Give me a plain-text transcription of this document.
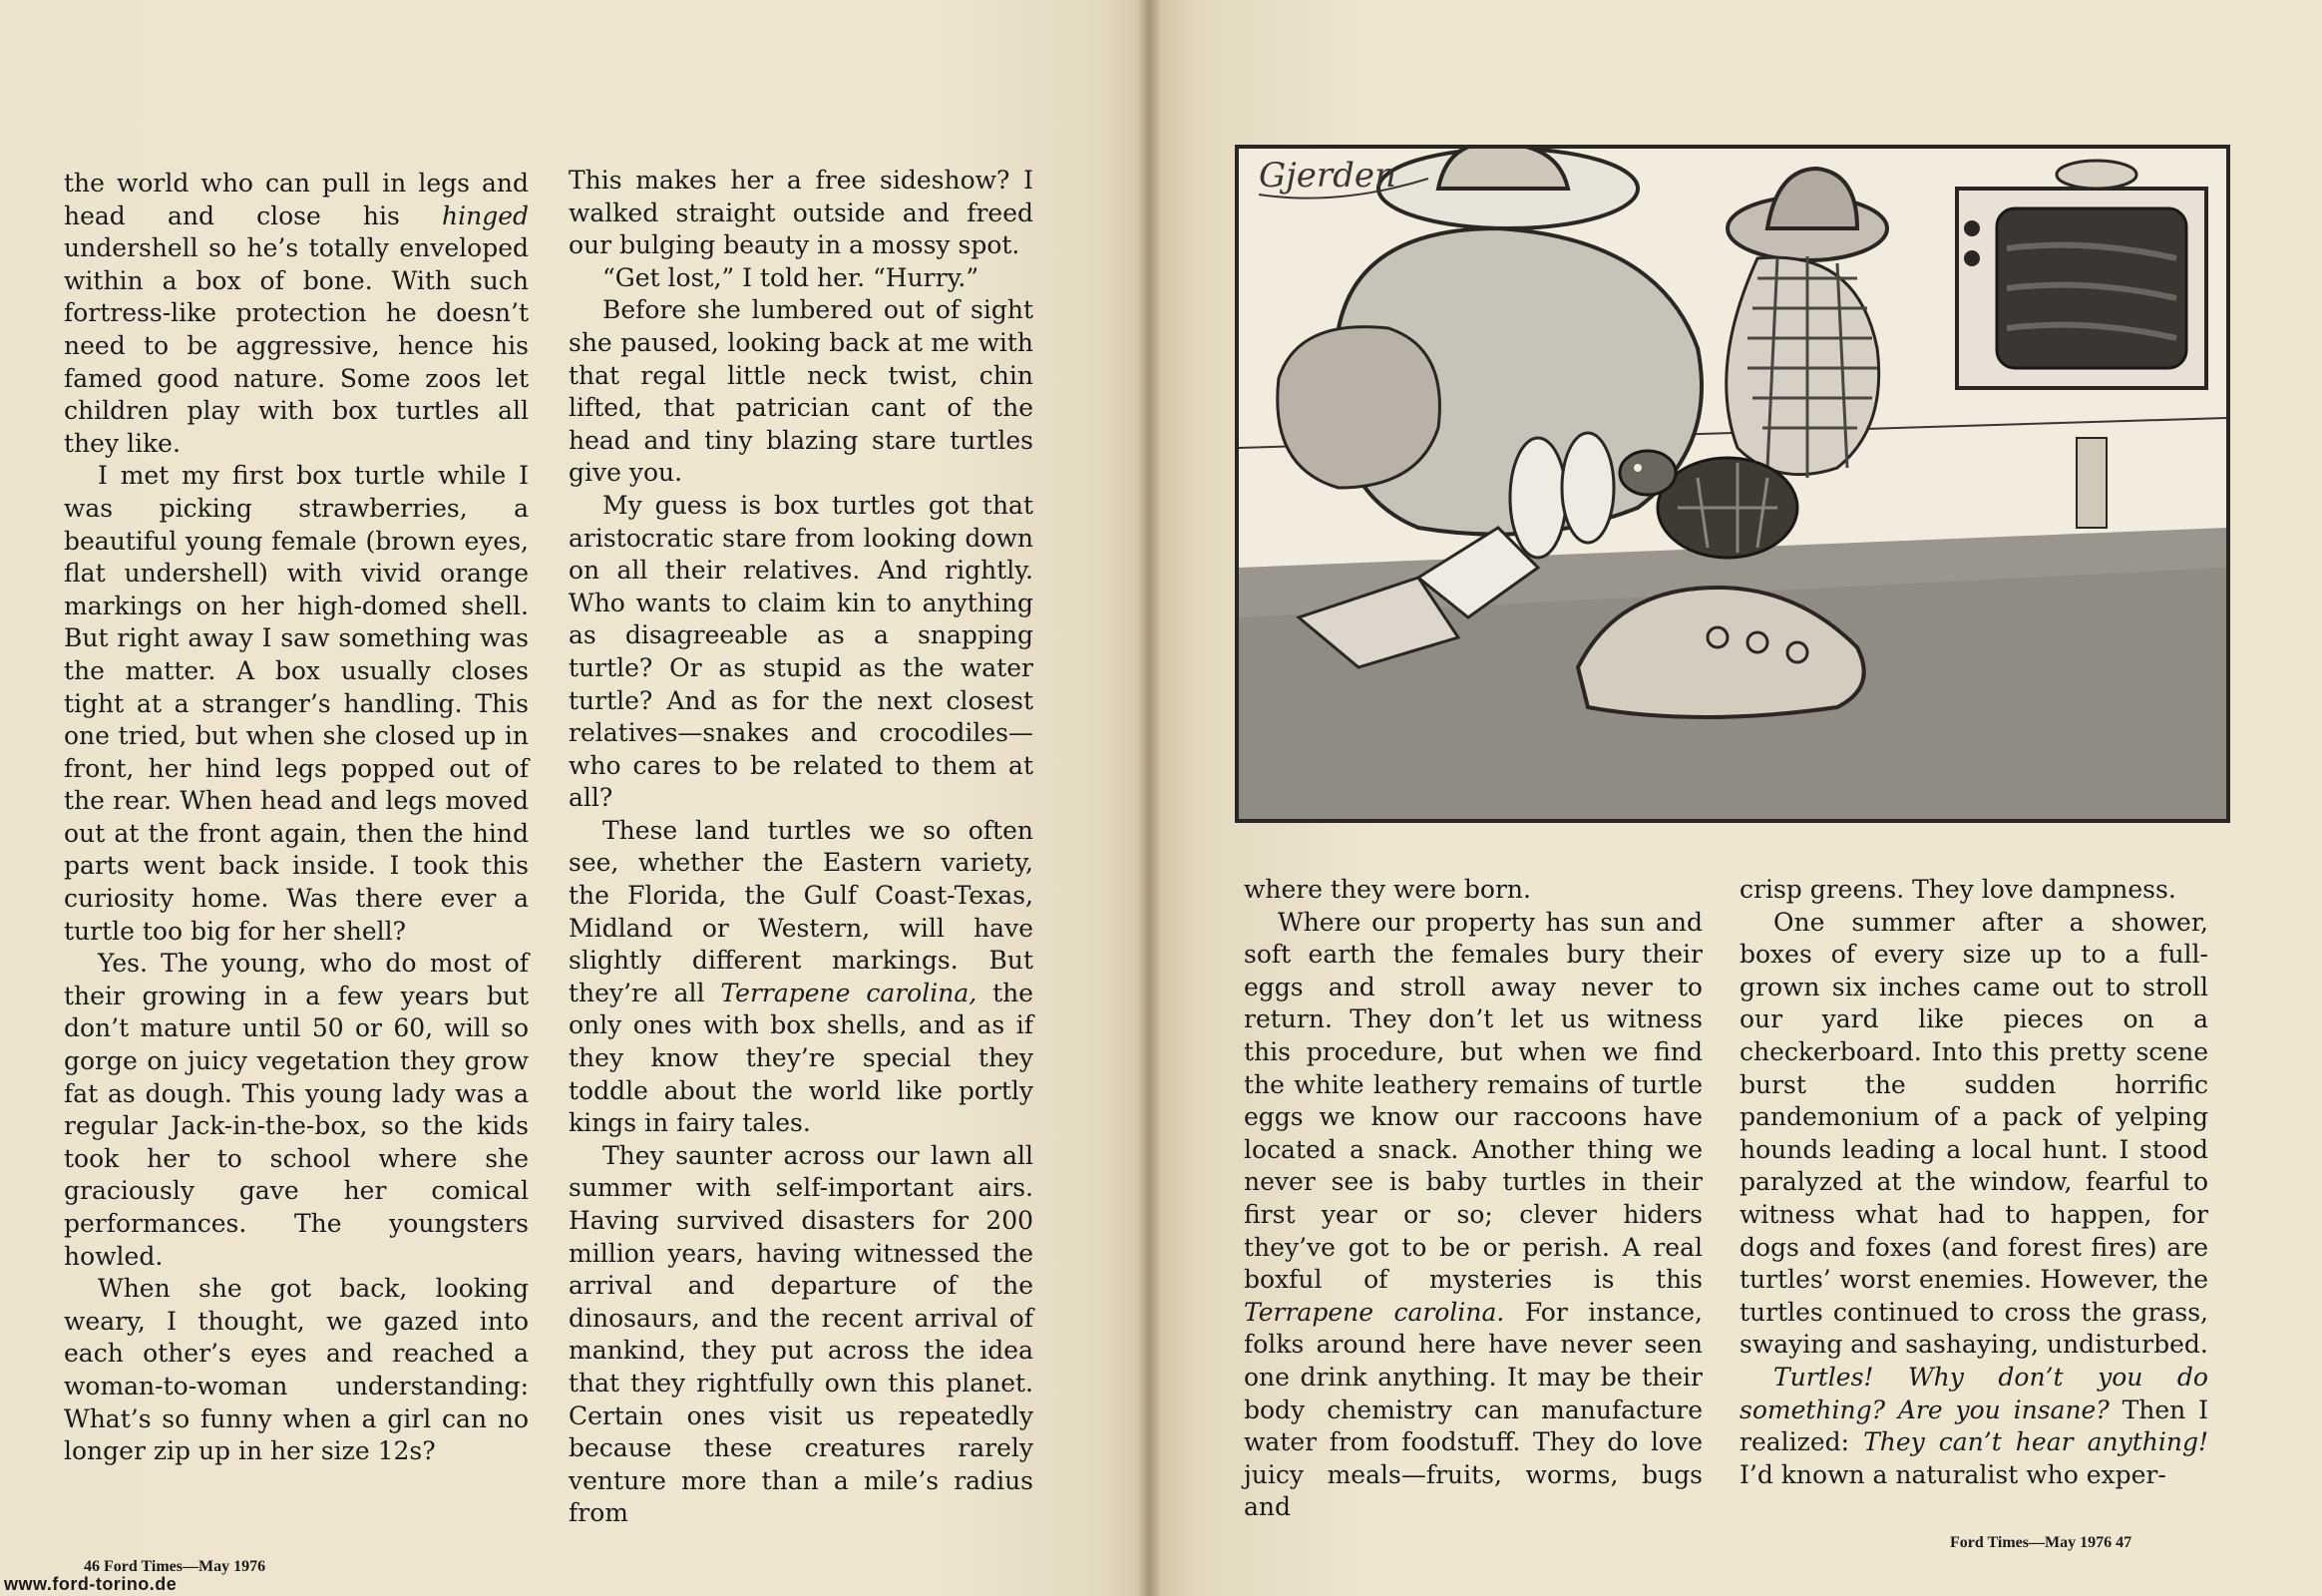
the world who can pull in legs and head and close his hinged undershell so he’s totally enveloped within a box of bone. With such fortress-like protection he doesn’t need to be aggressive, hence his famed good nature. Some zoos let children play with box turtles all they like.

I met my first box turtle while I was picking strawberries, a beautiful young female (brown eyes, flat undershell) with vivid orange markings on her high-domed shell. But right away I saw something was the matter. A box usually closes tight at a stranger’s handling. This one tried, but when she closed up in front, her hind legs popped out of the rear. When head and legs moved out at the front again, then the hind parts went back inside. I took this curiosity home. Was there ever a turtle too big for her shell?

Yes. The young, who do most of their growing in a few years but don’t mature until 50 or 60, will so gorge on juicy vegetation they grow fat as dough. This young lady was a regular Jack-in-the-box, so the kids took her to school where she graciously gave her comical performances. The youngsters howled.

When she got back, looking weary, I thought, we gazed into each other’s eyes and reached a woman-to-woman understanding: What’s so funny when a girl can no longer zip up in her size 12s?

This makes her a free sideshow? I walked straight outside and freed our bulging beauty in a mossy spot.

“Get lost,” I told her. “Hurry.”

Before she lumbered out of sight she paused, looking back at me with that regal little neck twist, chin lifted, that patrician cant of the head and tiny blazing stare turtles give you.

My guess is box turtles got that aristocratic stare from looking down on all their relatives. And rightly. Who wants to claim kin to anything as disagreeable as a snapping turtle? Or as stupid as the water turtle? And as for the next closest relatives—snakes and crocodiles—who cares to be related to them at all?

These land turtles we so often see, whether the Eastern variety, the Florida, the Gulf Coast-Texas, Midland or Western, will have slightly different markings. But they’re all Terrapene carolina, the only ones with box shells, and as if they know they’re special they toddle about the world like portly kings in fairy tales.

They saunter across our lawn all summer with self-important airs. Having survived disasters for 200 million years, having witnessed the arrival and departure of the dinosaurs, and the recent arrival of mankind, they put across the idea that they rightfully own this planet. Certain ones visit us repeatedly because these creatures rarely venture more than a mile’s radius from

46 Ford Times—May 1976
www.ford-torino.de
Gjerden

where they were born.

Where our property has sun and soft earth the females bury their eggs and stroll away never to return. They don’t let us witness this procedure, but when we find the white leathery remains of turtle eggs we know our raccoons have located a snack. Another thing we never see is baby turtles in their first year or so; clever hiders they’ve got to be or perish. A real boxful of mysteries is this Terrapene carolina. For instance, folks around here have never seen one drink anything. It may be their body chemistry can manufacture water from foodstuff. They do love juicy meals—fruits, worms, bugs and

crisp greens. They love dampness.

One summer after a shower, boxes of every size up to a full-grown six inches came out to stroll our yard like pieces on a checkerboard. Into this pretty scene burst the sudden horrific pandemonium of a pack of yelping hounds leading a local hunt. I stood paralyzed at the window, fearful to witness what had to happen, for dogs and foxes (and forest fires) are turtles’ worst enemies. However, the turtles continued to cross the grass, swaying and sashaying, undisturbed.

Turtles! Why don’t you do something? Are you insane? Then I realized: They can’t hear anything! I’d known a naturalist who exper-

Ford Times—May 1976 47
